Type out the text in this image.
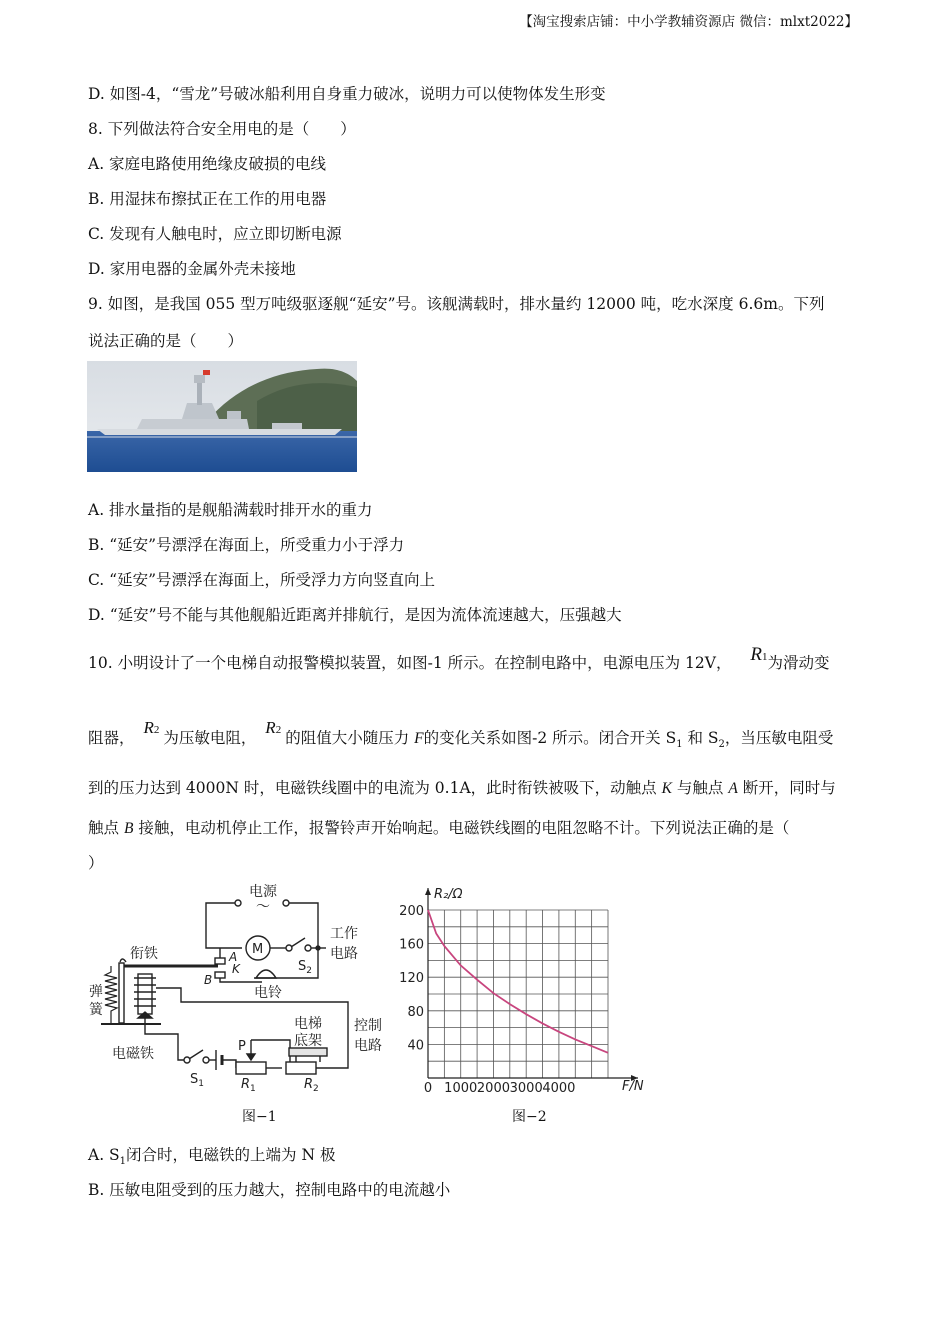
【淘宝搜索店铺：中小学教辅资源店 微信：mlxt2022】
D. 如图-4，“雪龙”号破冰船利用自身重力破冰，说明力可以使物体发生形变
8. 下列做法符合安全用电的是（　　）
A. 家庭电路使用绝缘皮破损的电线
B. 用湿抹布擦拭正在工作的用电器
C. 发现有人触电时，应立即切断电源
D. 家用电器的金属外壳未接地
9. 如图，是我国 055 型万吨级驱逐舰“延安”号。该舰满载时，排水量约 12000 吨，吃水深度 6.6m。下列
说法正确的是（　　）
A. 排水量指的是舰船满载时排开水的重力
B. “延安”号漂浮在海面上，所受重力小于浮力
C. “延安”号漂浮在海面上，所受浮力方向竖直向上
D. “延安”号不能与其他舰船近距离并排航行，是因为流体流速越大，压强越大
10. 小明设计了一个电梯自动报警模拟装置，如图-1 所示。在控制电路中，电源电压为 12V， R1为滑动变
阻器， R2 为压敏电阻， R2 的阻值大小随压力 F的变化关系如图-2 所示。闭合开关 $S_1$ 和 $S_2$，当压敏电阻受
到的压力达到 4000N 时，电磁铁线圈中的电流为 0.1A，此时衔铁被吸下，动触点 K 与触点 A 断开，同时与
触点 B 接触，电动机停止工作，报警铃声开始响起。电磁铁线圈的电阻忽略不计。下列说法正确的是（
）
电源
～
M
$S_2$
工作
电路
A
K
B
电铃
衔铁
弹
簧
电磁铁
$S_1$
P
$R_1$
电梯
底架
$R_2$
控制
电路
图−1
R₂/Ω
F/N
40
80
120
160
200
0 1000 2000 3000 4000
图−2
A. $S_1$闭合时，电磁铁的上端为 N 极
B. 压敏电阻受到的压力越大，控制电路中的电流越小
